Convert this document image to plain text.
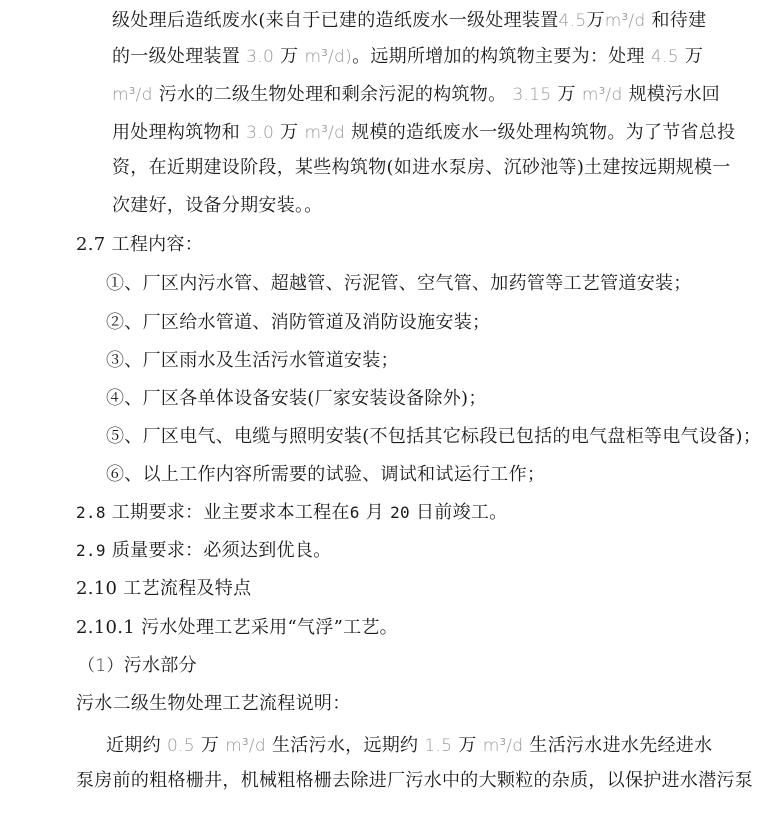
级处理后造纸废水(来自于已建的造纸废水一级处理装置4.5万$m^3/d$ 和待建
的一级处理装置 3.0 万 $m^3/d$)。远期所增加的构筑物主要为：处理 4.5 万
$m^3/d$ 污水的二级生物处理和剩余污泥的构筑物。 3.15 万 $m^3/d$ 规模污水回
用处理构筑物和 3.0 万 $m^3/d$ 规模的造纸废水一级处理构筑物。为了节省总投
资，在近期建设阶段，某些构筑物(如进水泵房、沉砂池等)土建按远期规模一
次建好，设备分期安装。。
2.7 工程内容：
①、厂区内污水管、超越管、污泥管、空气管、加药管等工艺管道安装；
②、厂区给水管道、消防管道及消防设施安装；
③、厂区雨水及生活污水管道安装；
④、厂区各单体设备安装(厂家安装设备除外)；
⑤、厂区电气、电缆与照明安装(不包括其它标段已包括的电气盘柜等电气设备)；
⑥、以上工作内容所需要的试验、调试和试运行工作；
2.8 工期要求：业主要求本工程在6 月 20 日前竣工。
2.9 质量要求：必须达到优良。
2.10 工艺流程及特点
2.10.1 污水处理工艺采用“气浮”工艺。
（1）污水部分
污水二级生物处理工艺流程说明：
近期约 0.5 万 $m^3/d$ 生活污水，远期约 1.5 万 $m^3/d$ 生活污水进水先经进水
泵房前的粗格栅井，机械粗格栅去除进厂污水中的大颗粒的杂质，以保护进水潜污泵
